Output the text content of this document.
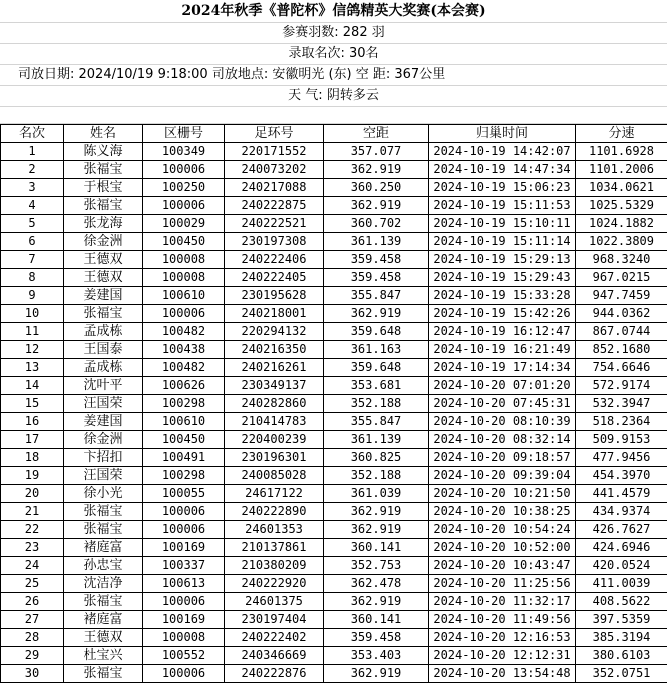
2024年秋季《普陀杯》信鸽精英大奖赛(本会赛)
参赛羽数: 282 羽
录取名次: 30名
司放日期: 2024/10/19 9:18:00 司放地点: 安徽明光 (东) 空 距: 367公里
天 气: 阴转多云
名次	姓名	区栅号	足环号	空距	归巢时间	分速
1	陈义海	100349	220171552	357.077	2024-10-19 14:42:07	1101.6928
2	张福宝	100006	240073202	362.919	2024-10-19 14:47:34	1101.2006
3	于根宝	100250	240217088	360.250	2024-10-19 15:06:23	1034.0621
4	张福宝	100006	240222875	362.919	2024-10-19 15:11:53	1025.5329
5	张龙海	100029	240222521	360.702	2024-10-19 15:10:11	1024.1882
6	徐金洲	100450	230197308	361.139	2024-10-19 15:11:14	1022.3809
7	王德双	100008	240222406	359.458	2024-10-19 15:29:13	968.3240
8	王德双	100008	240222405	359.458	2024-10-19 15:29:43	967.0215
9	姜建国	100610	230195628	355.847	2024-10-19 15:33:28	947.7459
10	张福宝	100006	240218001	362.919	2024-10-19 15:42:26	944.0362
11	孟成栋	100482	220294132	359.648	2024-10-19 16:12:47	867.0744
12	王国泰	100438	240216350	361.163	2024-10-19 16:21:49	852.1680
13	孟成栋	100482	240216261	359.648	2024-10-19 17:14:34	754.6646
14	沈叶平	100626	230349137	353.681	2024-10-20 07:01:20	572.9174
15	汪国荣	100298	240282860	352.188	2024-10-20 07:45:31	532.3947
16	姜建国	100610	210414783	355.847	2024-10-20 08:10:39	518.2364
17	徐金洲	100450	220400239	361.139	2024-10-20 08:32:14	509.9153
18	卞招扣	100491	230196301	360.825	2024-10-20 09:18:57	477.9456
19	汪国荣	100298	240085028	352.188	2024-10-20 09:39:04	454.3970
20	徐小光	100055	24617122	361.039	2024-10-20 10:21:50	441.4579
21	张福宝	100006	240222890	362.919	2024-10-20 10:38:25	434.9374
22	张福宝	100006	24601353	362.919	2024-10-20 10:54:24	426.7627
23	褚庭富	100169	210137861	360.141	2024-10-20 10:52:00	424.6946
24	孙忠宝	100337	210380209	352.753	2024-10-20 10:43:47	420.0524
25	沈洁净	100613	240222920	362.478	2024-10-20 11:25:56	411.0039
26	张福宝	100006	24601375	362.919	2024-10-20 11:32:17	408.5622
27	褚庭富	100169	230197404	360.141	2024-10-20 11:49:56	397.5359
28	王德双	100008	240222402	359.458	2024-10-20 12:16:53	385.3194
29	杜宝兴	100552	240346669	353.403	2024-10-20 12:12:31	380.6103
30	张福宝	100006	240222876	362.919	2024-10-20 13:54:48	352.0751
